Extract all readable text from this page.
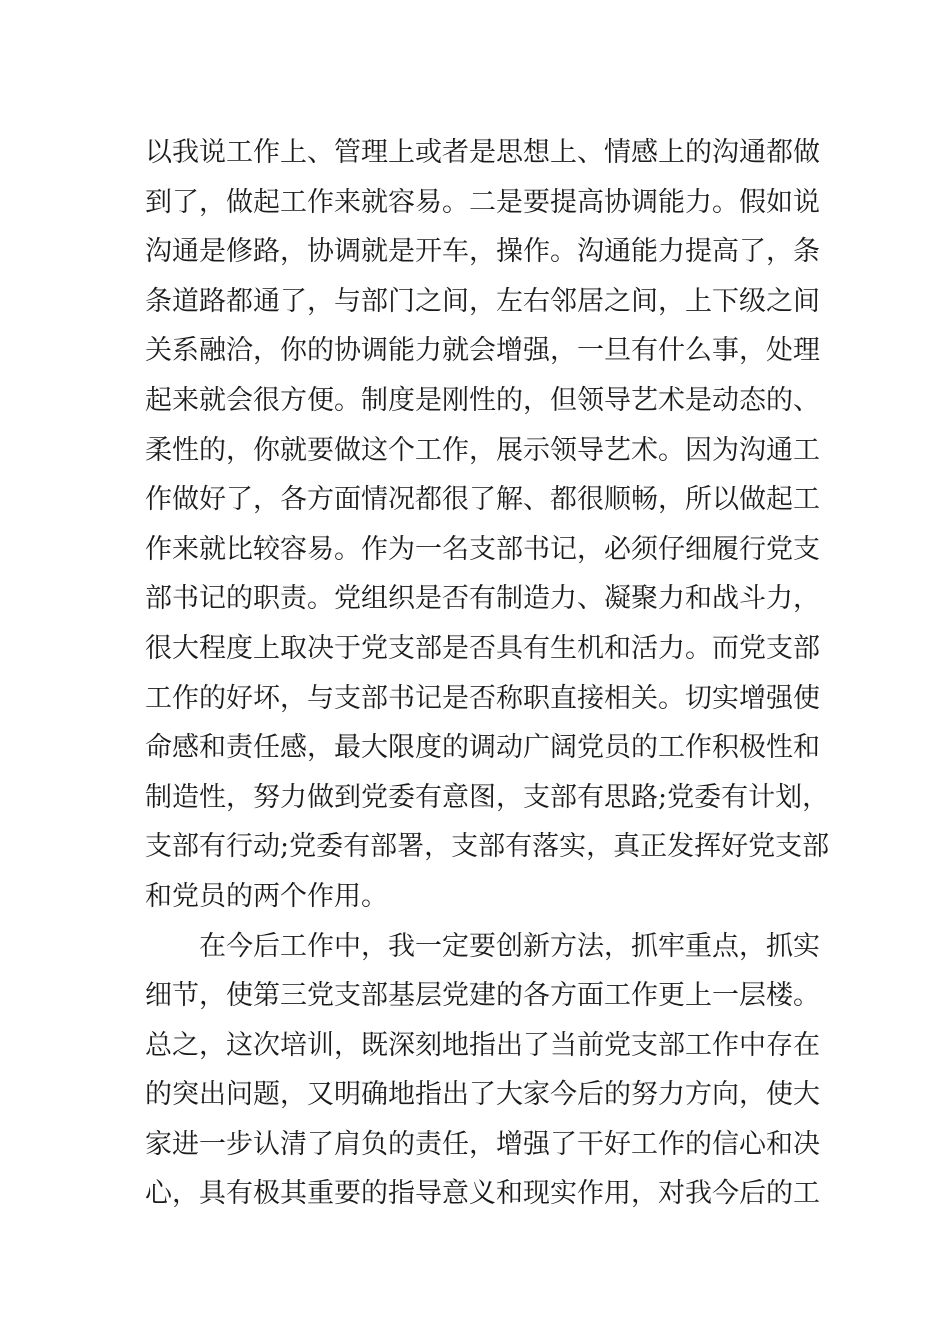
以我说工作上、管理上或者是思想上、情感上的沟通都做
到了，做起工作来就容易。二是要提高协调能力。假如说
沟通是修路，协调就是开车，操作。沟通能力提高了，条
条道路都通了，与部门之间，左右邻居之间，上下级之间
关系融洽，你的协调能力就会增强，一旦有什么事，处理
起来就会很方便。制度是刚性的，但领导艺术是动态的、
柔性的，你就要做这个工作，展示领导艺术。因为沟通工
作做好了，各方面情况都很了解、都很顺畅，所以做起工
作来就比较容易。作为一名支部书记，必须仔细履行党支
部书记的职责。党组织是否有制造力、凝聚力和战斗力，
很大程度上取决于党支部是否具有生机和活力。而党支部
工作的好坏，与支部书记是否称职直接相关。切实增强使
命感和责任感，最大限度的调动广阔党员的工作积极性和
制造性，努力做到党委有意图，支部有思路;党委有计划，
支部有行动;党委有部署，支部有落实，真正发挥好党支部
和党员的两个作用。
在今后工作中，我一定要创新方法，抓牢重点，抓实
细节，使第三党支部基层党建的各方面工作更上一层楼。
总之，这次培训，既深刻地指出了当前党支部工作中存在
的突出问题，又明确地指出了大家今后的努力方向，使大
家进一步认清了肩负的责任，增强了干好工作的信心和决
心，具有极其重要的指导意义和现实作用，对我今后的工
